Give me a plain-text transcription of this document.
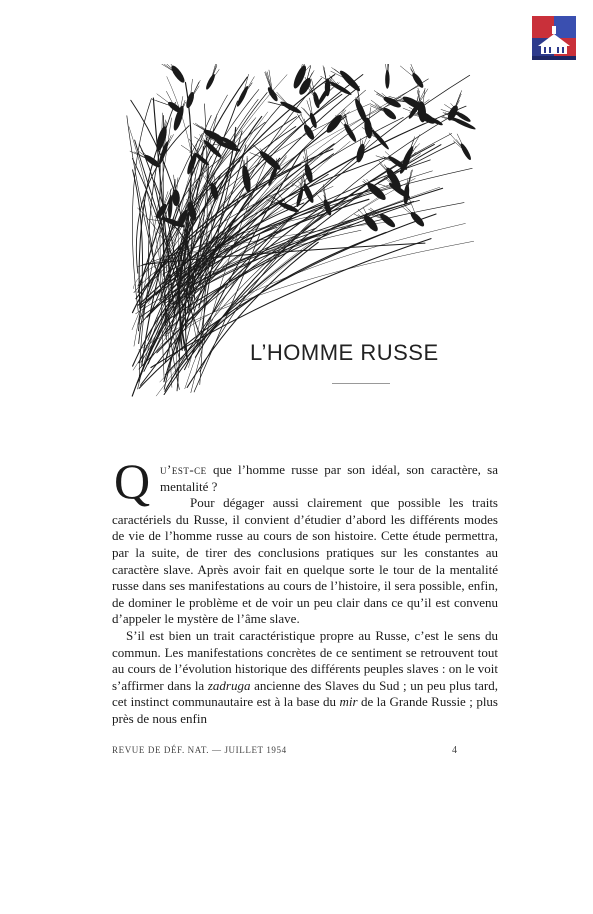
L’HOMME RUSSE

Q u’est-ce que l’homme russe par son idéal, son caractère, sa mentalité ?

Pour dégager aussi clairement que possible les traits caractériels du Russe, il convient d’étudier d’abord les différents modes de vie de l’homme russe au cours de son histoire. Cette étude permettra, par la suite, de tirer des conclusions pratiques sur les constantes au caractère slave. Après avoir fait en quelque sorte le tour de la mentalité russe dans ses manifestations au cours de l’histoire, il sera possible, enfin, de dominer le problème et de voir un peu clair dans ce qu’il est convenu d’appeler le mystère de l’âme slave.

S’il est bien un trait caractéristique propre au Russe, c’est le sens du commun. Les manifestations concrètes de ce sentiment se retrouvent tout au cours de l’évolution historique des différents peuples slaves : on le voit s’affirmer dans la zadruga ancienne des Slaves du Sud ; un peu plus tard, cet instinct communautaire est à la base du mir de la Grande Russie ; plus près de nous enfin

REVUE DE DÉF. NAT. — JUILLET 1954	4
